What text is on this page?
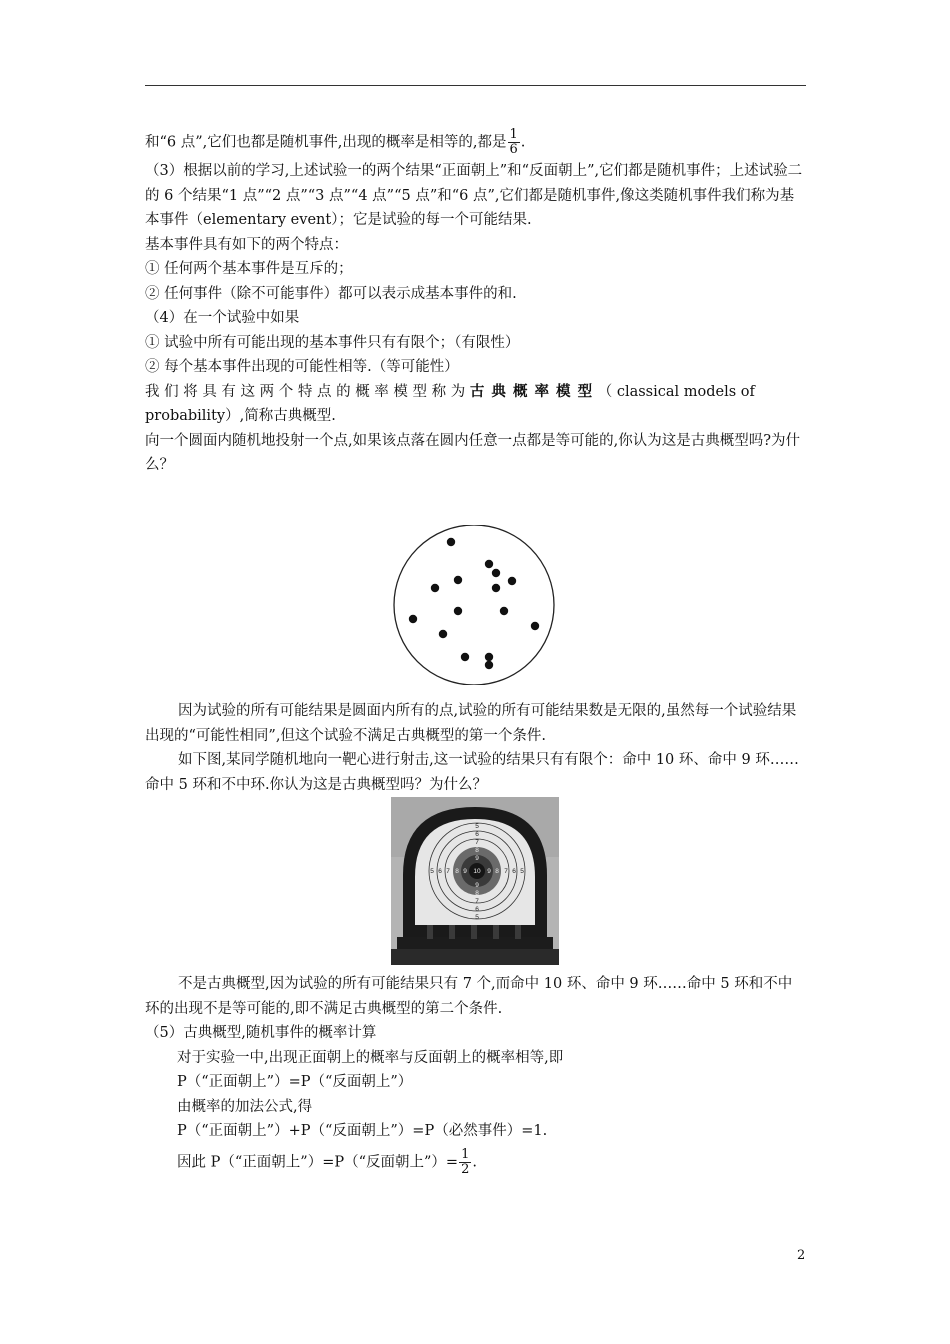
和“6 点”,它们也都是随机事件,出现的概率是相等的,都是 $\frac{1}{6}$ .

（3）根据以前的学习,上述试验一的两个结果“正面朝上”和“反面朝上”,它们都是随机事件；上述试验二的 6 个结果“1 点”“2 点”“3 点”“4 点”“5 点”和“6 点”,它们都是随机事件,像这类随机事件我们称为基本事件（elementary event）；它是试验的每一个可能结果.

基本事件具有如下的两个特点：

① 任何两个基本事件是互斥的；

② 任何事件（除不可能事件）都可以表示成基本事件的和.

（4）在一个试验中如果

① 试验中所有可能出现的基本事件只有有限个；（有限性）

② 每个基本事件出现的可能性相等.（等可能性）

我 们 将 具 有 这 两 个 特 点 的 概 率 模 型 称 为 古 典 概 率 模 型 （ classical models of probability）,简称古典概型.

向一个圆面内随机地投射一个点,如果该点落在圆内任意一点都是等可能的,你认为这是古典概型吗?为什么？

因为试验的所有可能结果是圆面内所有的点,试验的所有可能结果数是无限的,虽然每一个试验结果出现的“可能性相同”,但这个试验不满足古典概型的第一个条件.

如下图,某同学随机地向一靶心进行射击,这一试验的结果只有有限个：命中 10 环、命中 9 环……命中 5 环和不中环.你认为这是古典概型吗？为什么？

5
6
7
8
9
5 6 7 8 9 10 9 8 7 6 5
9
8
7
6
5

不是古典概型,因为试验的所有可能结果只有 7 个,而命中 10 环、命中 9 环……命中 5 环和不中环的出现不是等可能的,即不满足古典概型的第二个条件.

（5）古典概型,随机事件的概率计算

对于实验一中,出现正面朝上的概率与反面朝上的概率相等,即

P（“正面朝上”）=P（“反面朝上”）

由概率的加法公式,得

P（“正面朝上”）+P（“反面朝上”）=P（必然事件）=1.

因此 P（“正面朝上”）=P（“反面朝上”）= $\frac{1}{2}$ .

2
